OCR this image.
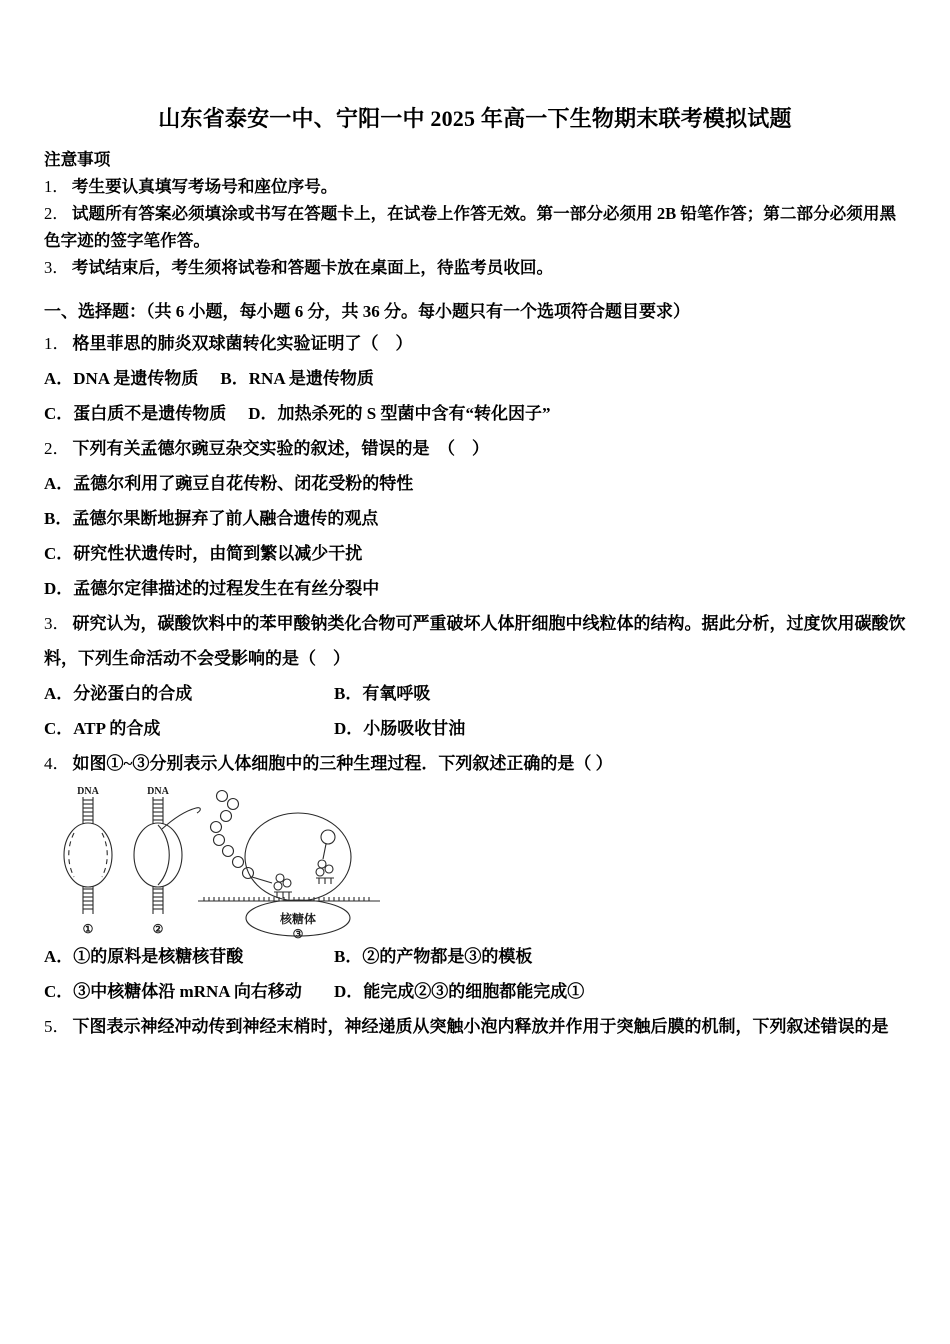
山东省泰安一中、宁阳一中 2025 年高一下生物期末联考模拟试题

注意事项

1． 考生要认真填写考场号和座位序号。

2． 试题所有答案必须填涂或书写在答题卡上，在试卷上作答无效。第一部分必须用 2B 铅笔作答；第二部分必须用黑色字迹的签字笔作答。

3． 考试结束后，考生须将试卷和答题卡放在桌面上，待监考员收回。

一、选择题：（共 6 小题，每小题 6 分，共 36 分。每小题只有一个选项符合题目要求）

1． 格里菲思的肺炎双球菌转化实验证明了（　）

A．DNA 是遗传物质 B．RNA 是遗传物质

C．蛋白质不是遗传物质 D．加热杀死的 S 型菌中含有“转化因子”

2． 下列有关孟德尔豌豆杂交实验的叙述，错误的是　（　）

A．孟德尔利用了豌豆自花传粉、闭花受粉的特性

B．孟德尔果断地摒弃了前人融合遗传的观点

C．研究性状遗传时，由简到繁以减少干扰

D．孟德尔定律描述的过程发生在有丝分裂中

3． 研究认为，碳酸饮料中的苯甲酸钠类化合物可严重破坏人体肝细胞中线粒体的结构。据此分析，过度饮用碳酸饮料，下列生命活动不会受影响的是（　）

A．分泌蛋白的合成	B．有氧呼吸

C．ATP 的合成	D．小肠吸收甘油

4． 如图①~③分别表示人体细胞中的三种生理过程．下列叙述正确的是（ ）

DNA	DNA
核糖体
①	②	③

A．①的原料是核糖核苷酸	B．②的产物都是③的模板

C．③中核糖体沿 mRNA 向右移动 D．能完成②③的细胞都能完成①

5． 下图表示神经冲动传到神经末梢时，神经递质从突触小泡内释放并作用于突触后膜的机制，下列叙述错误的是
